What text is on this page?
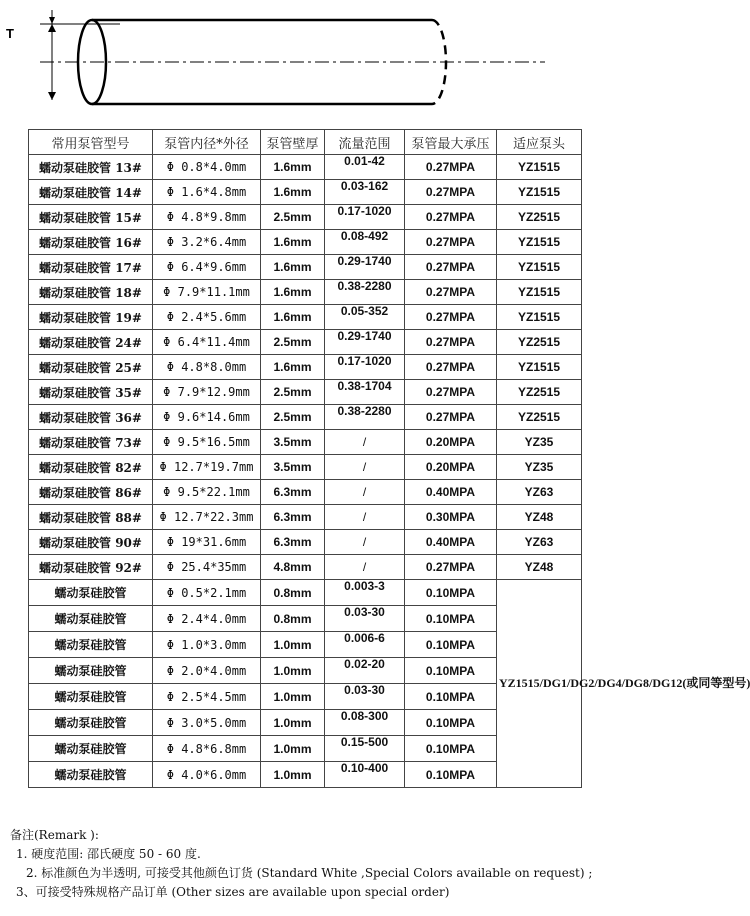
T
常用泵管型号	泵管内径*外径	泵管壁厚	流量范围	泵管最大承压	适应泵头
蠕动泵硅胶管 13#	Φ 0.8*4.0mm	1.6mm	0.01-42	0.27MPA	YZ1515
蠕动泵硅胶管 14#	Φ 1.6*4.8mm	1.6mm	0.03-162	0.27MPA	YZ1515
蠕动泵硅胶管 15#	Φ 4.8*9.8mm	2.5mm	0.17-1020	0.27MPA	YZ2515
蠕动泵硅胶管 16#	Φ 3.2*6.4mm	1.6mm	0.08-492	0.27MPA	YZ1515
蠕动泵硅胶管 17#	Φ 6.4*9.6mm	1.6mm	0.29-1740	0.27MPA	YZ1515
蠕动泵硅胶管 18#	Φ 7.9*11.1mm	1.6mm	0.38-2280	0.27MPA	YZ1515
蠕动泵硅胶管 19#	Φ 2.4*5.6mm	1.6mm	0.05-352	0.27MPA	YZ1515
蠕动泵硅胶管 24#	Φ 6.4*11.4mm	2.5mm	0.29-1740	0.27MPA	YZ2515
蠕动泵硅胶管 25#	Φ 4.8*8.0mm	1.6mm	0.17-1020	0.27MPA	YZ1515
蠕动泵硅胶管 35#	Φ 7.9*12.9mm	2.5mm	0.38-1704	0.27MPA	YZ2515
蠕动泵硅胶管 36#	Φ 9.6*14.6mm	2.5mm	0.38-2280	0.27MPA	YZ2515
蠕动泵硅胶管 73#	Φ 9.5*16.5mm	3.5mm	/	0.20MPA	YZ35
蠕动泵硅胶管 82#	Φ 12.7*19.7mm	3.5mm	/	0.20MPA	YZ35
蠕动泵硅胶管 86#	Φ 9.5*22.1mm	6.3mm	/	0.40MPA	YZ63
蠕动泵硅胶管 88#	Φ 12.7*22.3mm	6.3mm	/	0.30MPA	YZ48
蠕动泵硅胶管 90#	Φ 19*31.6mm	6.3mm	/	0.40MPA	YZ63
蠕动泵硅胶管 92#	Φ 25.4*35mm	4.8mm	/	0.27MPA	YZ48
蠕动泵硅胶管	Φ 0.5*2.1mm	0.8mm	0.003-3	0.10MPA	YZ1515/DG1/DG2/DG4/DG8/DG12(或同等型号)
蠕动泵硅胶管	Φ 2.4*4.0mm	0.8mm	0.03-30	0.10MPA	
蠕动泵硅胶管	Φ 1.0*3.0mm	1.0mm	0.006-6	0.10MPA	
蠕动泵硅胶管	Φ 2.0*4.0mm	1.0mm	0.02-20	0.10MPA	
蠕动泵硅胶管	Φ 2.5*4.5mm	1.0mm	0.03-30	0.10MPA	
蠕动泵硅胶管	Φ 3.0*5.0mm	1.0mm	0.08-300	0.10MPA	
蠕动泵硅胶管	Φ 4.8*6.8mm	1.0mm	0.15-500	0.10MPA	
蠕动泵硅胶管	Φ 4.0*6.0mm	1.0mm	0.10-400	0.10MPA	
备注(Remark ):
1. 硬度范围: 邵氏硬度 50 - 60 度.
2. 标准颜色为半透明, 可接受其他颜色订货 (Standard White ,Special Colors available on request) ;
3、可接受特殊规格产品订单 (Other sizes are available upon special order)
